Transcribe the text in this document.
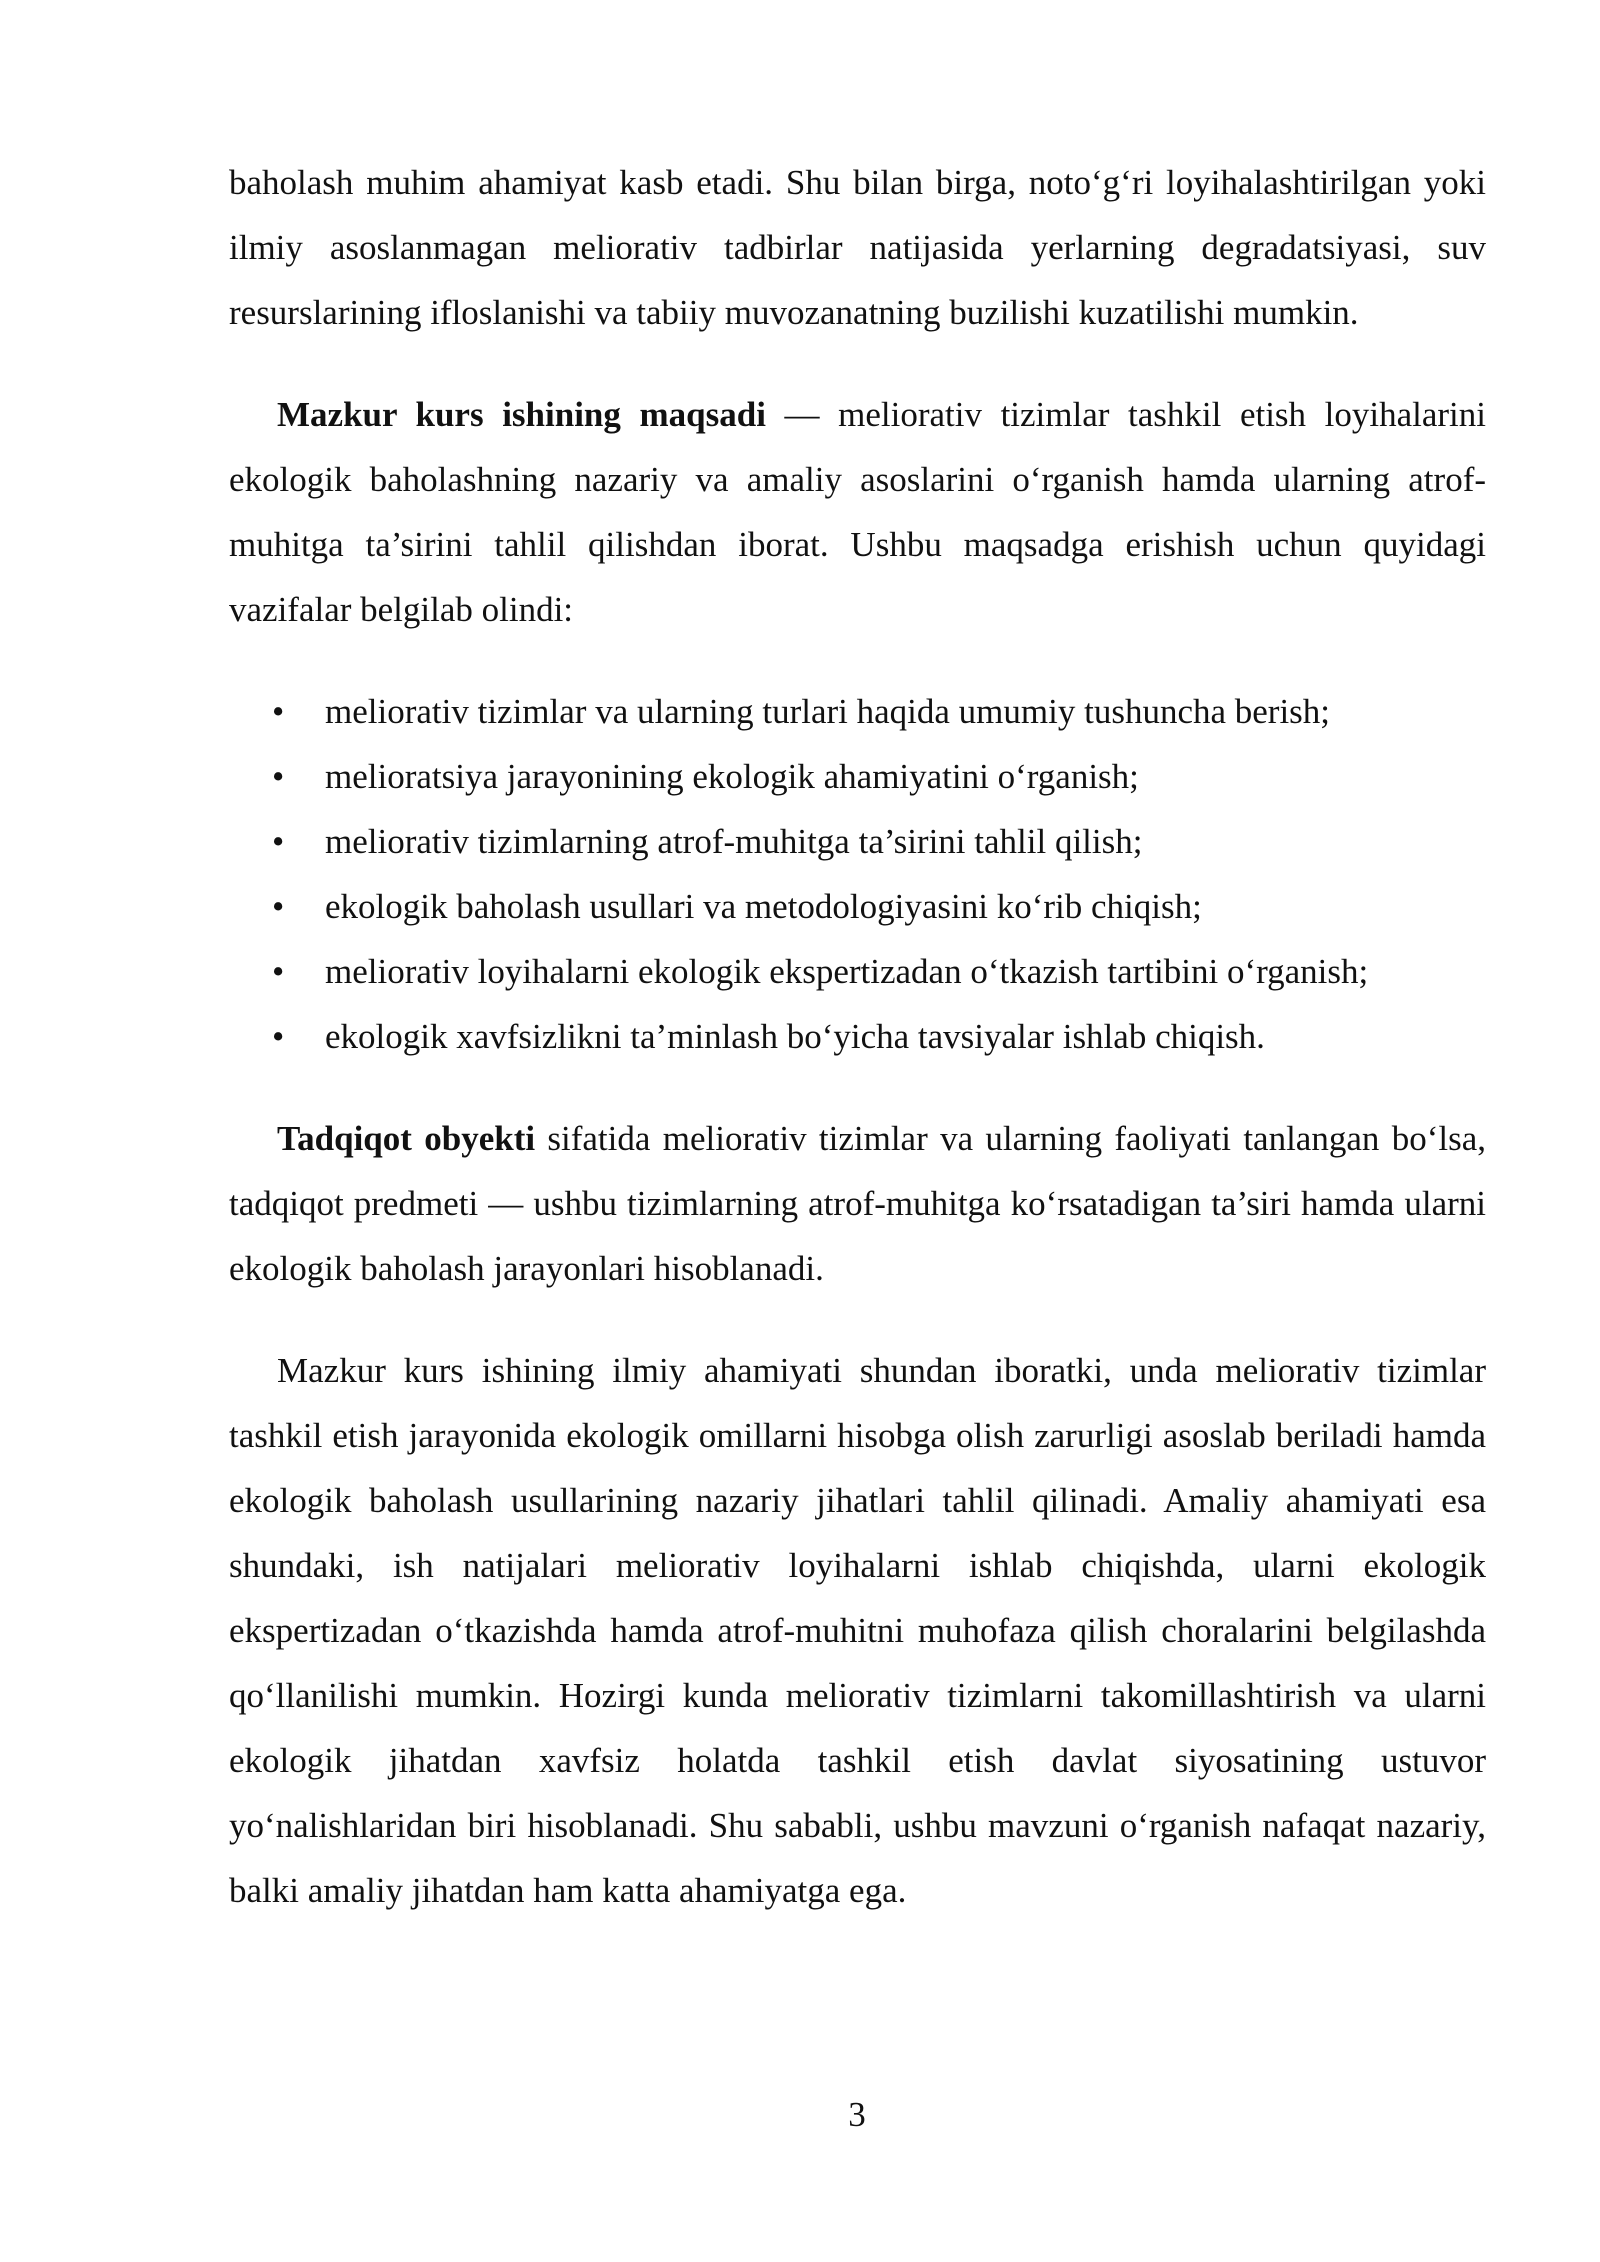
baholash muhim ahamiyat kasb etadi. Shu bilan birga, noto‘g‘ri loyihalashtirilgan yoki ilmiy asoslanmagan meliorativ tadbirlar natijasida yerlarning degradatsiyasi, suv resurslarining ifloslanishi va tabiiy muvozanatning buzilishi kuzatilishi mumkin.

Mazkur kurs ishining maqsadi — meliorativ tizimlar tashkil etish loyihalarini ekologik baholashning nazariy va amaliy asoslarini o‘rganish hamda ularning atrof-muhitga ta’sirini tahlil qilishdan iborat. Ushbu maqsadga erishish uchun quyidagi vazifalar belgilab olindi:

• meliorativ tizimlar va ularning turlari haqida umumiy tushuncha berish;
• melioratsiya jarayonining ekologik ahamiyatini o‘rganish;
• meliorativ tizimlarning atrof-muhitga ta’sirini tahlil qilish;
• ekologik baholash usullari va metodologiyasini ko‘rib chiqish;
• meliorativ loyihalarni ekologik ekspertizadan o‘tkazish tartibini o‘rganish;
• ekologik xavfsizlikni ta’minlash bo‘yicha tavsiyalar ishlab chiqish.

Tadqiqot obyekti sifatida meliorativ tizimlar va ularning faoliyati tanlangan bo‘lsa, tadqiqot predmeti — ushbu tizimlarning atrof-muhitga ko‘rsatadigan ta’siri hamda ularni ekologik baholash jarayonlari hisoblanadi.

Mazkur kurs ishining ilmiy ahamiyati shundan iboratki, unda meliorativ tizimlar tashkil etish jarayonida ekologik omillarni hisobga olish zarurligi asoslab beriladi hamda ekologik baholash usullarining nazariy jihatlari tahlil qilinadi. Amaliy ahamiyati esa shundaki, ish natijalari meliorativ loyihalarni ishlab chiqishda, ularni ekologik ekspertizadan o‘tkazishda hamda atrof-muhitni muhofaza qilish choralarini belgilashda qo‘llanilishi mumkin. Hozirgi kunda meliorativ tizimlarni takomillashtirish va ularni ekologik jihatdan xavfsiz holatda tashkil etish davlat siyosatining ustuvor yo‘nalishlaridan biri hisoblanadi. Shu sababli, ushbu mavzuni o‘rganish nafaqat nazariy, balki amaliy jihatdan ham katta ahamiyatga ega.

3
